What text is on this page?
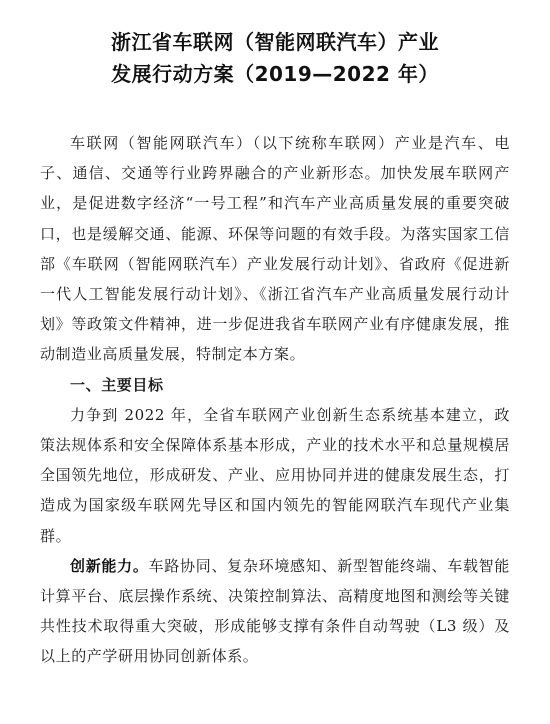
浙江省车联网（智能网联汽车）产业
发展行动方案（2019—2022 年）

车联网（智能网联汽车）（以下统称车联网）产业是汽车、电子、通信、交通等行业跨界融合的产业新形态。加快发展车联网产业，是促进数字经济“一号工程”和汽车产业高质量发展的重要突破口，也是缓解交通、能源、环保等问题的有效手段。为落实国家工信部《车联网（智能网联汽车）产业发展行动计划》、省政府《促进新一代人工智能发展行动计划》、《浙江省汽车产业高质量发展行动计划》等政策文件精神，进一步促进我省车联网产业有序健康发展，推动制造业高质量发展，特制定本方案。

一、主要目标

力争到 2022 年，全省车联网产业创新生态系统基本建立，政策法规体系和安全保障体系基本形成，产业的技术水平和总量规模居全国领先地位，形成研发、产业、应用协同并进的健康发展生态，打造成为国家级车联网先导区和国内领先的智能网联汽车现代产业集群。

创新能力。车路协同、复杂环境感知、新型智能终端、车载智能计算平台、底层操作系统、决策控制算法、高精度地图和测绘等关键共性技术取得重大突破，形成能够支撑有条件自动驾驶（L3 级）及以上的产学研用协同创新体系。
